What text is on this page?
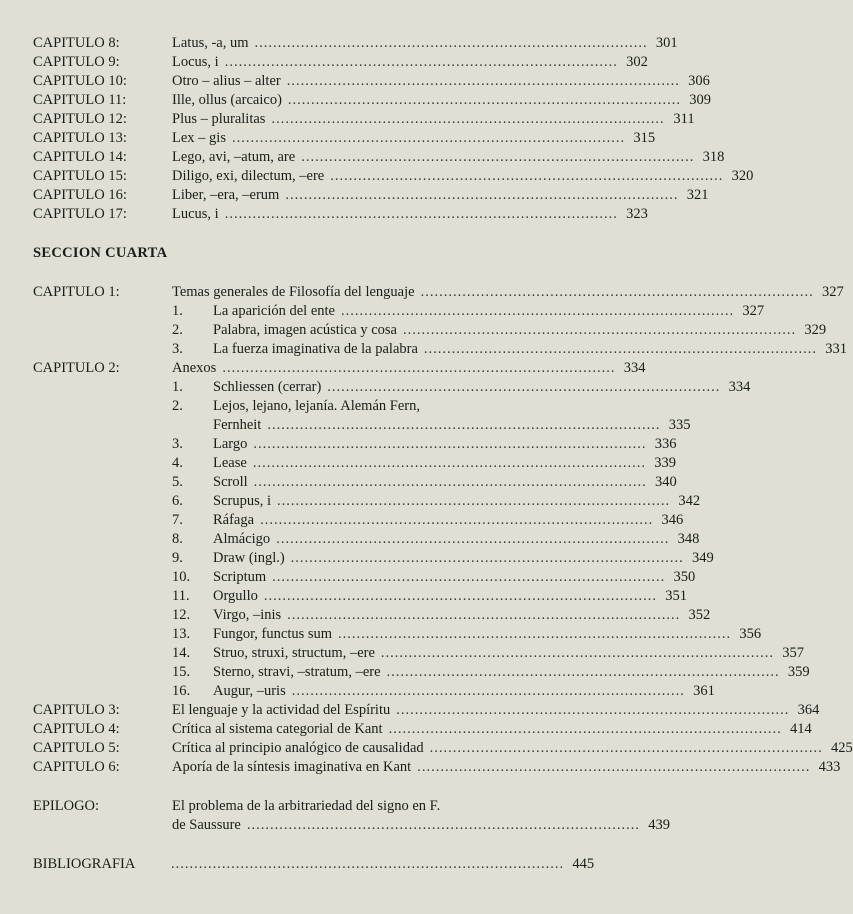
CAPITULO 8:	Latus, -a, um ..................................................................................... 301
CAPITULO 9:	Locus, i ..................................................................................... 302
CAPITULO 10:	Otro – alius – alter ..................................................................................... 306
CAPITULO 11:	Ille, ollus (arcaico) ..................................................................................... 309
CAPITULO 12:	Plus – pluralitas ..................................................................................... 311
CAPITULO 13:	Lex – gis ..................................................................................... 315
CAPITULO 14:	Lego, avi, –atum, are ..................................................................................... 318
CAPITULO 15:	Diligo, exi, dilectum, –ere ..................................................................................... 320
CAPITULO 16:	Liber, –era, –erum ..................................................................................... 321
CAPITULO 17:	Lucus, i ..................................................................................... 323
SECCION CUARTA
CAPITULO 1:	Temas generales de Filosofía del lenguaje ..................................................................................... 327
1. La aparición del ente ..................................................................................... 327
2. Palabra, imagen acústica y cosa ..................................................................................... 329
3. La fuerza imaginativa de la palabra ..................................................................................... 331
CAPITULO 2:	Anexos ..................................................................................... 334
1. Schliessen (cerrar) ..................................................................................... 334
2. Lejos, lejano, lejanía. Alemán Fern,
Fernheit ..................................................................................... 335
3. Largo ..................................................................................... 336
4. Lease ..................................................................................... 339
5. Scroll ..................................................................................... 340
6. Scrupus, i ..................................................................................... 342
7. Ráfaga ..................................................................................... 346
8. Almácigo ..................................................................................... 348
9. Draw (ingl.) ..................................................................................... 349
10. Scriptum ..................................................................................... 350
11. Orgullo ..................................................................................... 351
12. Virgo, –inis ..................................................................................... 352
13. Fungor, functus sum ..................................................................................... 356
14. Struo, struxi, structum, –ere ..................................................................................... 357
15. Sterno, stravi, –stratum, –ere ..................................................................................... 359
16. Augur, –uris ..................................................................................... 361
CAPITULO 3:	El lenguaje y la actividad del Espíritu ..................................................................................... 364
CAPITULO 4:	Crítica al sistema categorial de Kant ..................................................................................... 414
CAPITULO 5:	Crítica al principio analógico de causalidad ..................................................................................... 425
CAPITULO 6:	Aporía de la síntesis imaginativa en Kant ..................................................................................... 433
EPILOGO:	El problema de la arbitrariedad del signo en F.
de Saussure ..................................................................................... 439
BIBLIOGRAFIA ..................................................................................... 445
